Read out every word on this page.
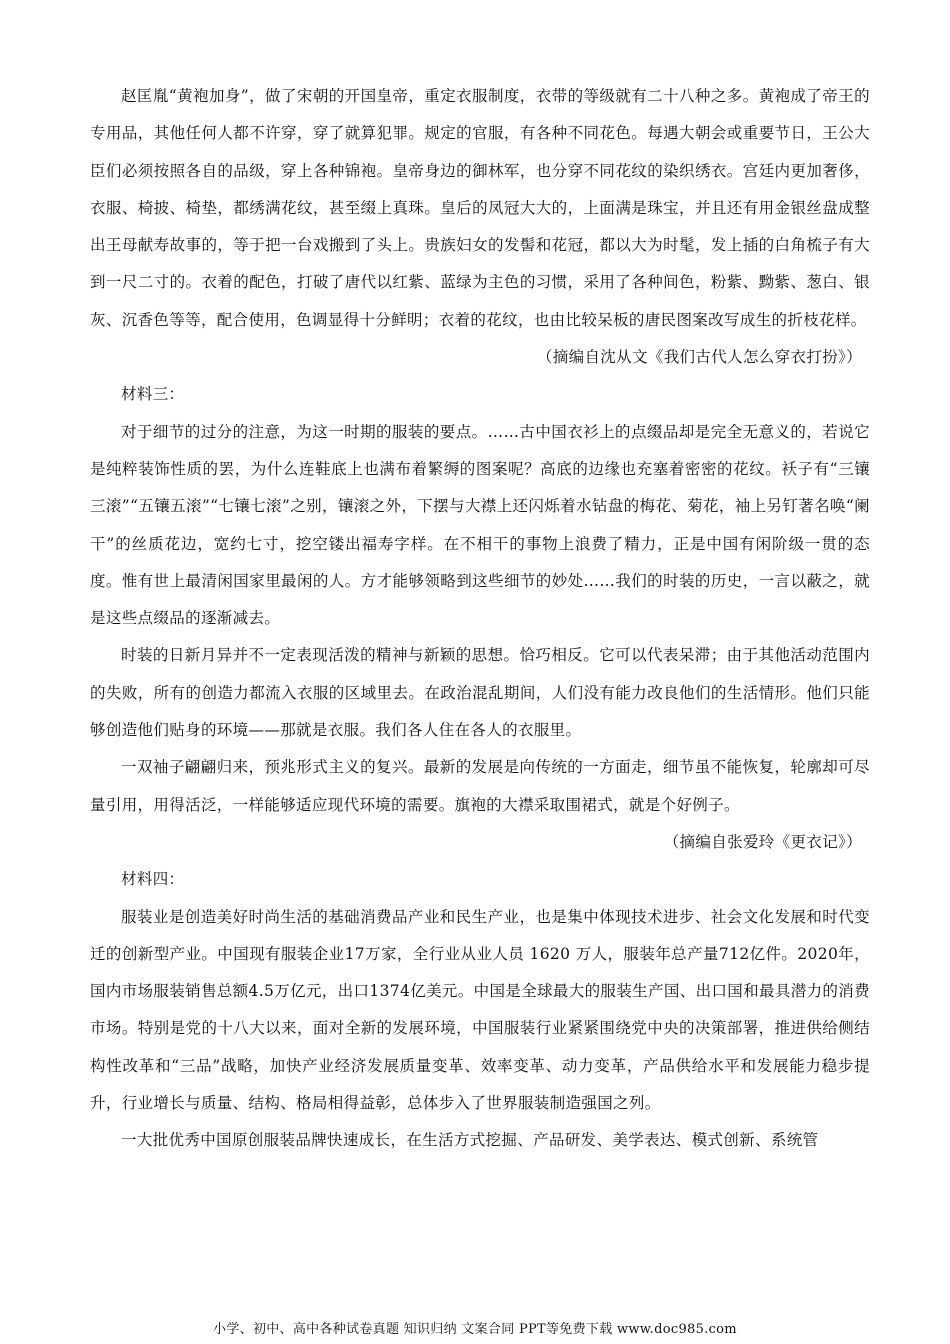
赵匡胤“黄袍加身”，做了宋朝的开国皇帝，重定衣服制度，衣带的等级就有二十八种之多。黄袍成了帝王的专用品，其他任何人都不许穿，穿了就算犯罪。规定的官服，有各种不同花色。每遇大朝会或重要节日，王公大臣们必须按照各自的品级，穿上各种锦袍。皇帝身边的御林军，也分穿不同花纹的染织绣衣。宫廷内更加奢侈，衣服、椅披、椅垫，都绣满花纹，甚至缀上真珠。皇后的凤冠大大的，上面满是珠宝，并且还有用金银丝盘成整出王母献寿故事的，等于把一台戏搬到了头上。贵族妇女的发髻和花冠，都以大为时髦，发上插的白角梳子有大到一尺二寸的。衣着的配色，打破了唐代以红紫、蓝绿为主色的习惯，采用了各种间色，粉紫、黝紫、葱白、银灰、沉香色等等，配合使用，色调显得十分鲜明；衣着的花纹，也由比较呆板的唐民图案改写成生的折枝花样。

（摘编自沈从文《我们古代人怎么穿衣打扮》）

材料三：

对于细节的过分的注意，为这一时期的服装的要点。……古中国衣衫上的点缀品却是完全无意义的，若说它是纯粹装饰性质的罢，为什么连鞋底上也满布着繁缛的图案呢？高底的边缘也充塞着密密的花纹。袄子有“三镶三滚”“五镶五滚”“七镶七滚”之别，镶滚之外，下摆与大襟上还闪烁着水钻盘的梅花、菊花，袖上另钉著名唤“阑干”的丝质花边，宽约七寸，挖空镂出福寿字样。在不相干的事物上浪费了精力，正是中国有闲阶级一贯的态度。惟有世上最清闲国家里最闲的人。方才能够领略到这些细节的妙处……我们的时装的历史，一言以蔽之，就是这些点缀品的逐渐减去。

时装的日新月异并不一定表现活泼的精神与新颖的思想。恰巧相反。它可以代表呆滞；由于其他活动范围内的失败，所有的创造力都流入衣服的区域里去。在政治混乱期间，人们没有能力改良他们的生活情形。他们只能够创造他们贴身的环境——那就是衣服。我们各人住在各人的衣服里。

一双袖子翩翩归来，预兆形式主义的复兴。最新的发展是向传统的一方面走，细节虽不能恢复，轮廓却可尽量引用，用得活泛，一样能够适应现代环境的需要。旗袍的大襟采取围裙式，就是个好例子。

（摘编自张爱玲《更衣记》）

材料四：

服装业是创造美好时尚生活的基础消费品产业和民生产业，也是集中体现技术进步、社会文化发展和时代变迁的创新型产业。中国现有服装企业17万家，全行业从业人员 1620 万人，服装年总产量712亿件。2020年，国内市场服装销售总额4.5万亿元，出口1374亿美元。中国是全球最大的服装生产国、出口国和最具潜力的消费市场。特别是党的十八大以来，面对全新的发展环境，中国服装行业紧紧围绕党中央的决策部署，推进供给侧结构性改革和“三品”战略，加快产业经济发展质量变革、效率变革、动力变革，产品供给水平和发展能力稳步提升，行业增长与质量、结构、格局相得益彰，总体步入了世界服装制造强国之列。

一大批优秀中国原创服装品牌快速成长，在生活方式挖掘、产品研发、美学表达、模式创新、系统管

小学、初中、高中各种试卷真题 知识归纳 文案合同 PPT等免费下载 www.doc985.com
